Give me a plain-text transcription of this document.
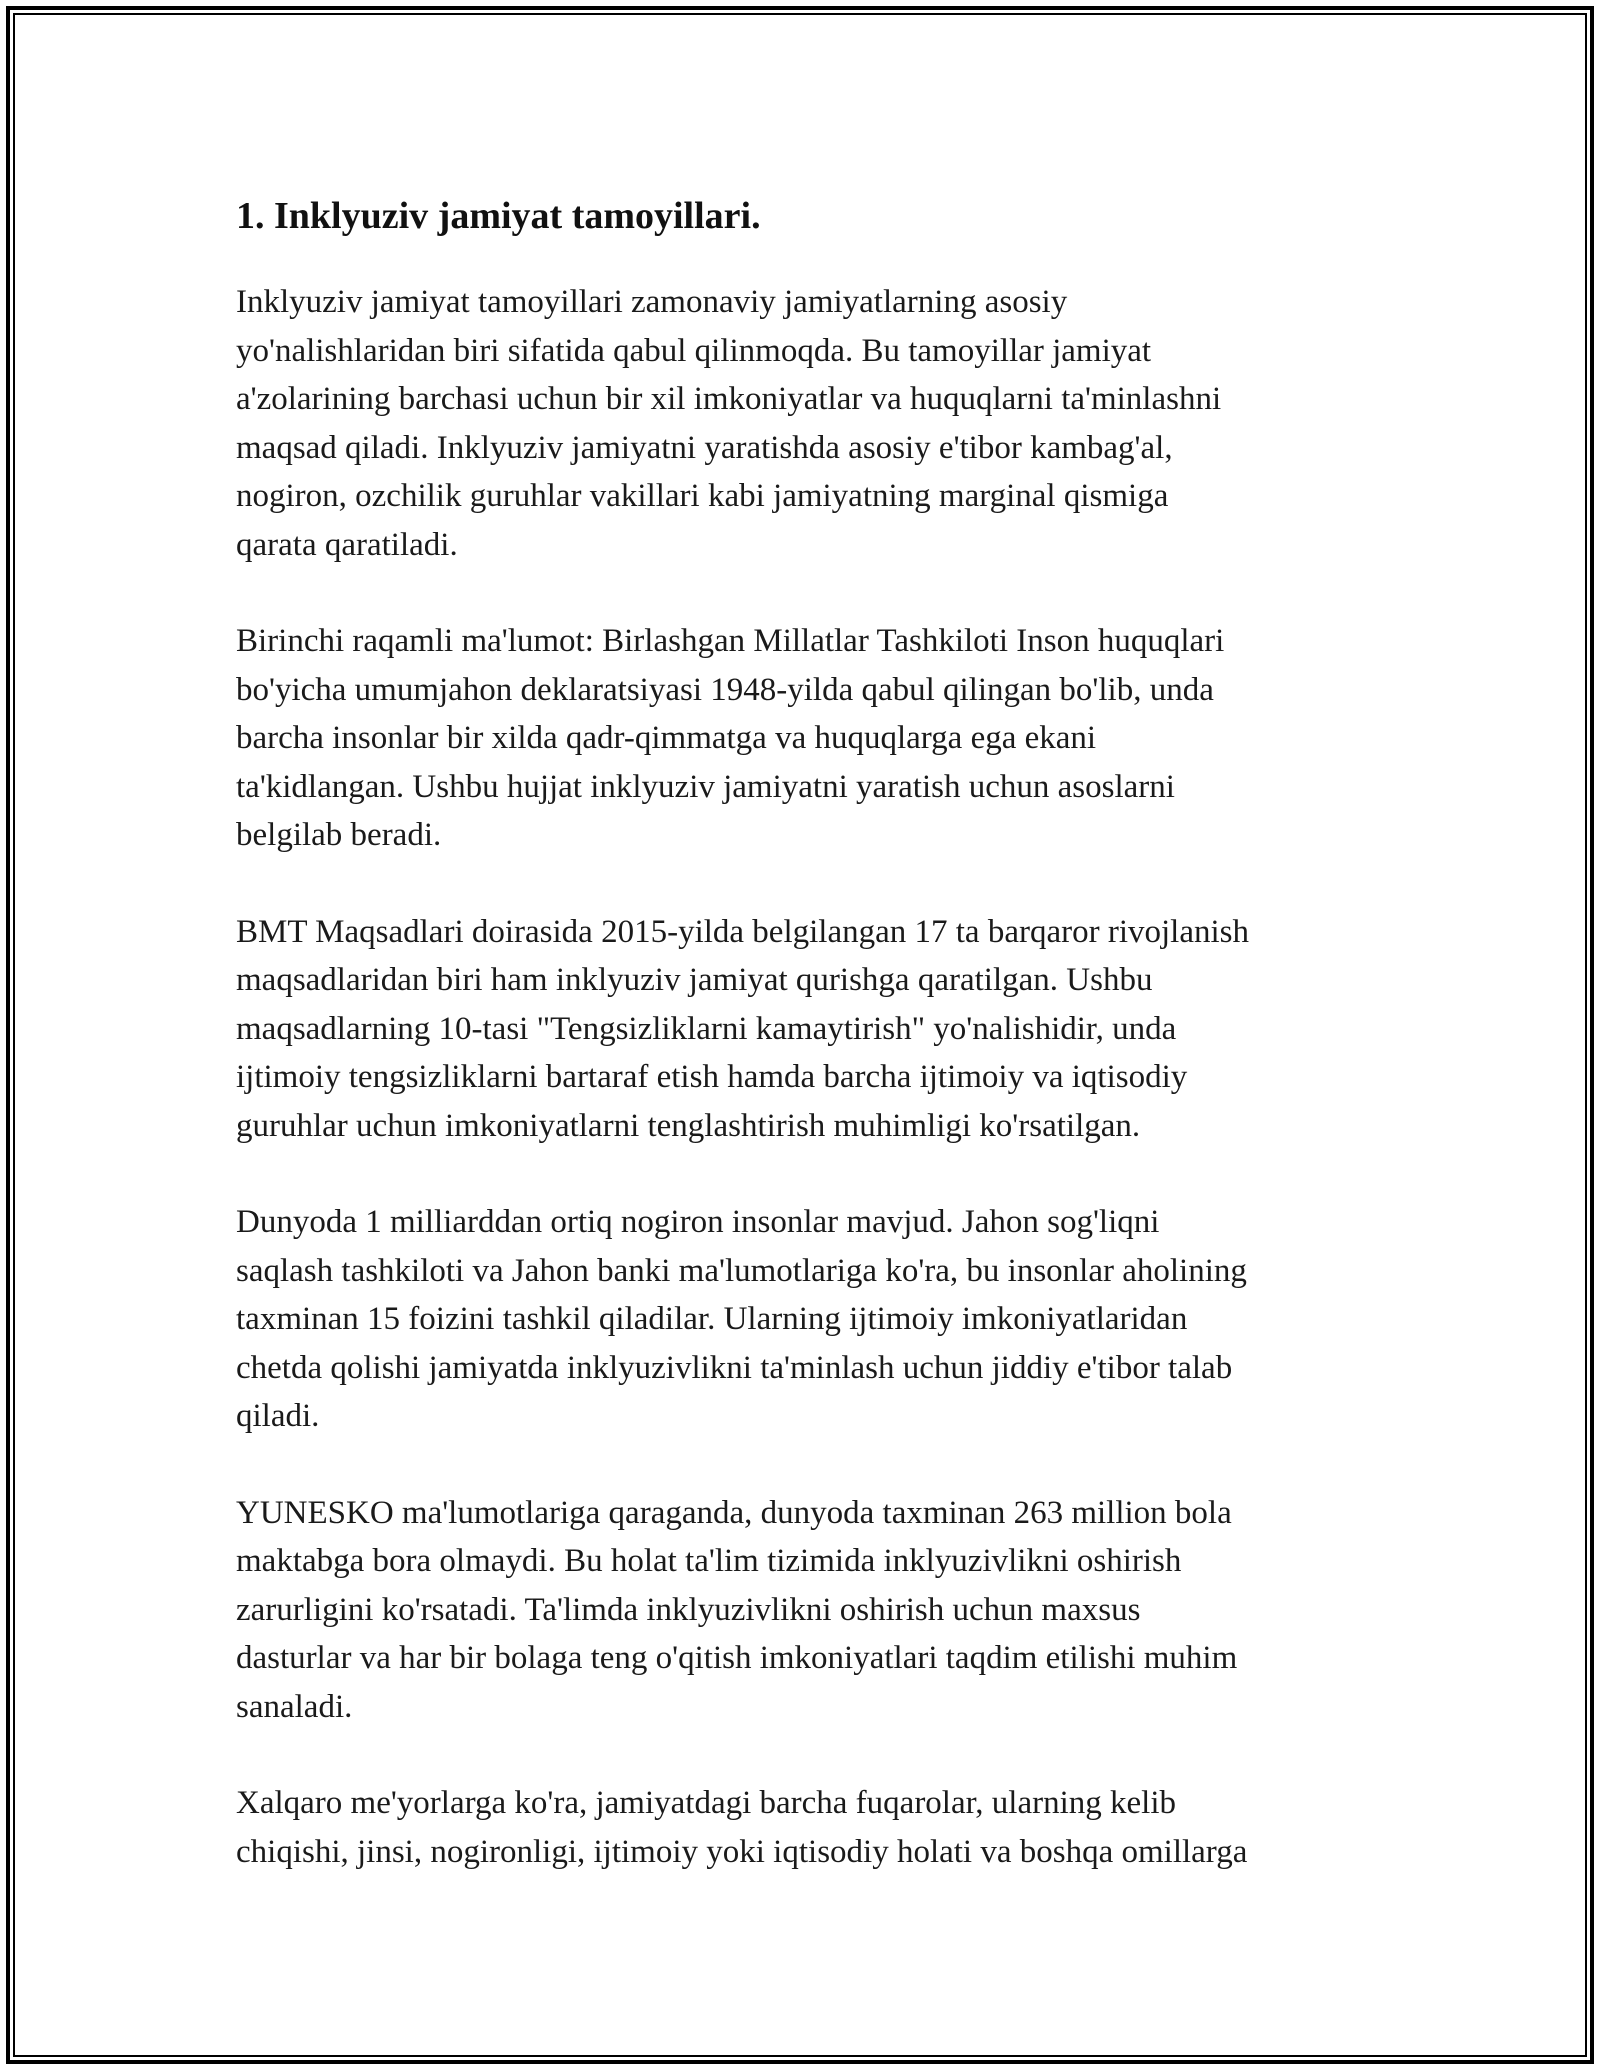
1. Inklyuziv jamiyat tamoyillari.

Inklyuziv jamiyat tamoyillari zamonaviy jamiyatlarning asosiy
yo'nalishlaridan biri sifatida qabul qilinmoqda. Bu tamoyillar jamiyat
a'zolarining barchasi uchun bir xil imkoniyatlar va huquqlarni ta'minlashni
maqsad qiladi. Inklyuziv jamiyatni yaratishda asosiy e'tibor kambag'al,
nogiron, ozchilik guruhlar vakillari kabi jamiyatning marginal qismiga
qarata qaratiladi.

Birinchi raqamli ma'lumot: Birlashgan Millatlar Tashkiloti Inson huquqlari
bo'yicha umumjahon deklaratsiyasi 1948-yilda qabul qilingan bo'lib, unda
barcha insonlar bir xilda qadr-qimmatga va huquqlarga ega ekani
ta'kidlangan. Ushbu hujjat inklyuziv jamiyatni yaratish uchun asoslarni
belgilab beradi.

BMT Maqsadlari doirasida 2015-yilda belgilangan 17 ta barqaror rivojlanish
maqsadlaridan biri ham inklyuziv jamiyat qurishga qaratilgan. Ushbu
maqsadlarning 10-tasi "Tengsizliklarni kamaytirish" yo'nalishidir, unda
ijtimoiy tengsizliklarni bartaraf etish hamda barcha ijtimoiy va iqtisodiy
guruhlar uchun imkoniyatlarni tenglashtirish muhimligi ko'rsatilgan.

Dunyoda 1 milliarddan ortiq nogiron insonlar mavjud. Jahon sog'liqni
saqlash tashkiloti va Jahon banki ma'lumotlariga ko'ra, bu insonlar aholining
taxminan 15 foizini tashkil qiladilar. Ularning ijtimoiy imkoniyatlaridan
chetda qolishi jamiyatda inklyuzivlikni ta'minlash uchun jiddiy e'tibor talab
qiladi.

YUNESKO ma'lumotlariga qaraganda, dunyoda taxminan 263 million bola
maktabga bora olmaydi. Bu holat ta'lim tizimida inklyuzivlikni oshirish
zarurligini ko'rsatadi. Ta'limda inklyuzivlikni oshirish uchun maxsus
dasturlar va har bir bolaga teng o'qitish imkoniyatlari taqdim etilishi muhim
sanaladi.

Xalqaro me'yorlarga ko'ra, jamiyatdagi barcha fuqarolar, ularning kelib
chiqishi, jinsi, nogironligi, ijtimoiy yoki iqtisodiy holati va boshqa omillarga
